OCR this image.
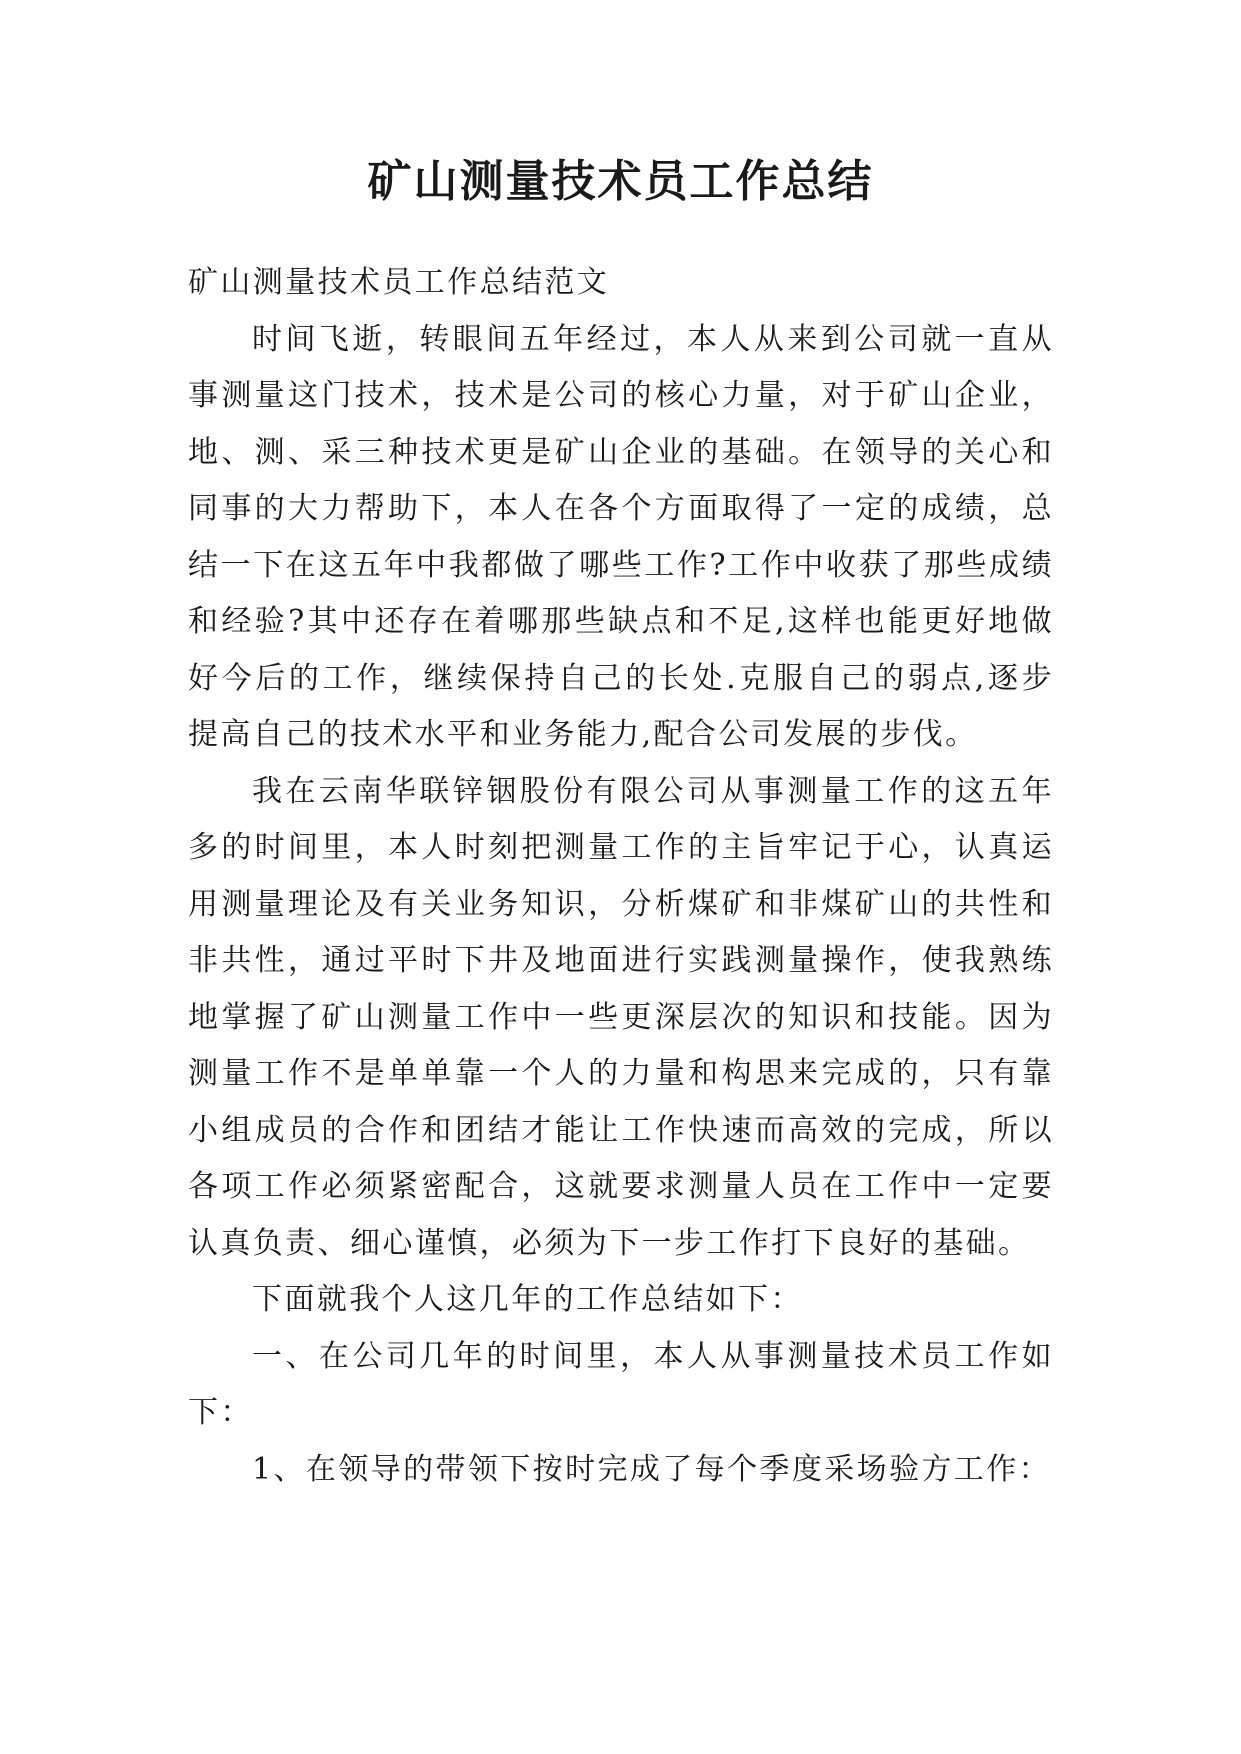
矿山测量技术员工作总结

矿山测量技术员工作总结范文

时间飞逝，转眼间五年经过，本人从来到公司就一直从事测量这门技术，技术是公司的核心力量，对于矿山企业，地、测、采三种技术更是矿山企业的基础。在领导的关心和同事的大力帮助下，本人在各个方面取得了一定的成绩，总结一下在这五年中我都做了哪些工作?工作中收获了那些成绩和经验?其中还存在着哪那些缺点和不足,这样也能更好地做好今后的工作，继续保持自己的长处.克服自己的弱点,逐步提高自己的技术水平和业务能力,配合公司发展的步伐。

我在云南华联锌铟股份有限公司从事测量工作的这五年多的时间里，本人时刻把测量工作的主旨牢记于心，认真运用测量理论及有关业务知识，分析煤矿和非煤矿山的共性和非共性，通过平时下井及地面进行实践测量操作，使我熟练地掌握了矿山测量工作中一些更深层次的知识和技能。因为测量工作不是单单靠一个人的力量和构思来完成的，只有靠小组成员的合作和团结才能让工作快速而高效的完成，所以各项工作必须紧密配合，这就要求测量人员在工作中一定要认真负责、细心谨慎，必须为下一步工作打下良好的基础。

下面就我个人这几年的工作总结如下：

一、在公司几年的时间里，本人从事测量技术员工作如下：

1、在领导的带领下按时完成了每个季度采场验方工作：
